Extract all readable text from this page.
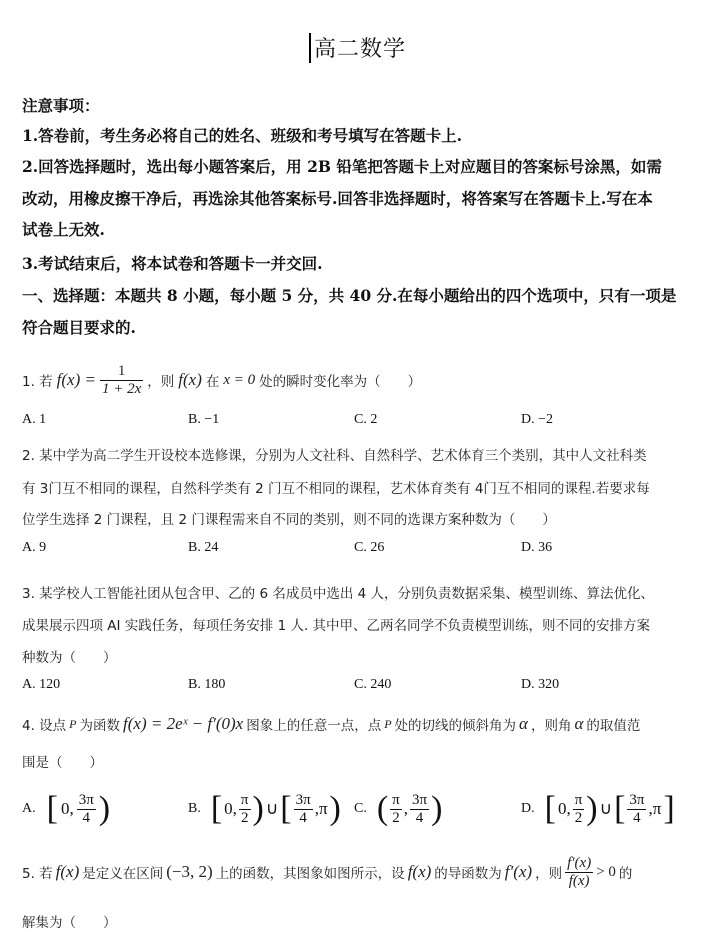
高二数学
注意事项：
1.答卷前，考生务必将自己的姓名、班级和考号填写在答题卡上.
2.回答选择题时，选出每小题答案后，用 2B 铅笔把答题卡上对应题目的答案标号涂黑，如需
改动，用橡皮擦干净后，再选涂其他答案标号.回答非选择题时，将答案写在答题卡上.写在本
试卷上无效.
3.考试结束后，将本试卷和答题卡一并交回.
一、选择题：本题共 8 小题，每小题 5 分，共 40 分.在每小题给出的四个选项中，只有一项是
符合题目要求的.
1. 若 $f(x) = \frac{1}{1 + 2x}$ ，则 f(x) 在 x = 0 处的瞬时变化率为（　　）
A. 1	B. −1	C. 2	D. −2
2. 某中学为高二学生开设校本选修课，分别为人文社科、自然科学、艺术体育三个类别，其中人文社科类
有 3门互不相同的课程，自然科学类有 2 门互不相同的课程，艺术体育类有 4门互不相同的课程.若要求每
位学生选择 2 门课程，且 2 门课程需来自不同的类别，则不同的选课方案种数为（　　）
A. 9	B. 24	C. 26	D. 36
3. 某学校人工智能社团从包含甲、乙的 6 名成员中选出 4 人，分别负责数据采集、模型训练、算法优化、
成果展示四项 AI 实践任务，每项任务安排 1 人. 其中甲、乙两名同学不负责模型训练，则不同的安排方案
种数为（　　）
A. 120	B. 180	C. 240	D. 320
4. 设点 P 为函数 f(x) = 2eˣ − f′(0)x 图象上的任意一点，点 P 处的切线的倾斜角为 α ，则角 α 的取值范
围是（　　）
A. [ 0, $\frac{3\pi}{4}$ )	B. [ 0, $\frac{\pi}{2}$ ) ∪ [ $\frac{3\pi}{4} ,\pi$ ) C. ( $\frac{\pi}{2}$ , $\frac{3\pi}{4}$ )	D. [ 0, $\frac{\pi}{2}$ ) ∪ [ $\frac{3\pi}{4} ,\pi$ ]
5. 若 f(x) 是定义在区间 (−3, 2) 上的函数，其图象如图所示，设 f(x) 的导函数为 f′(x) ，则 $\frac{f'(x)}{f(x)} > 0$ 的
解集为（　　）
